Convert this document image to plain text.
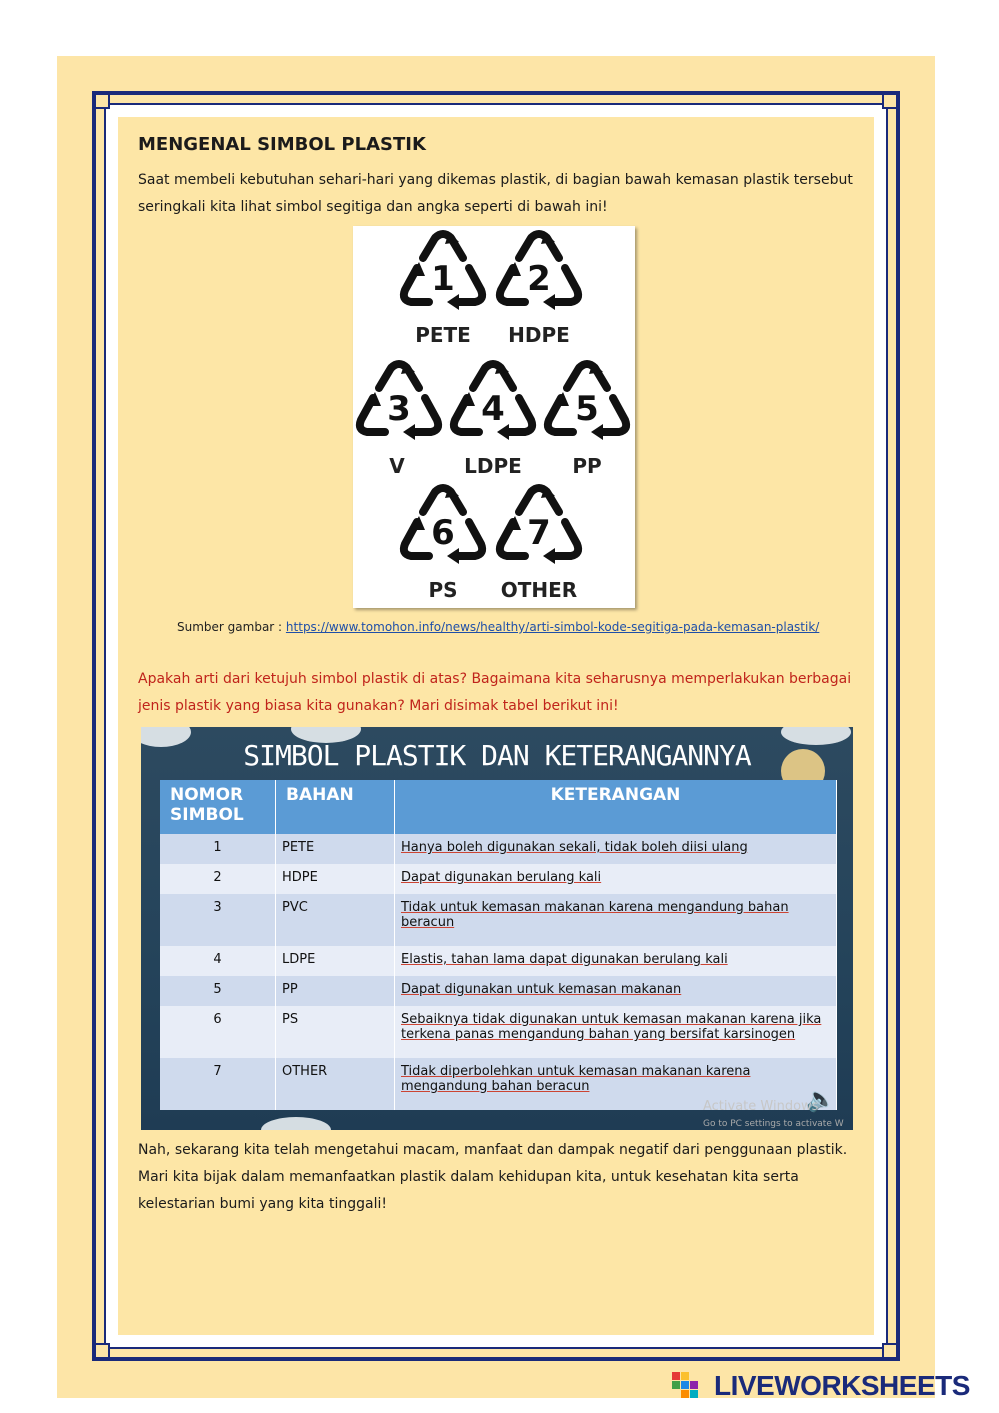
MENGENAL SIMBOL PLASTIK
Saat membeli kebutuhan sehari-hari yang dikemas plastik, di bagian bawah kemasan plastik tersebut seringkali kita lihat simbol segitiga dan angka seperti di bawah ini!
1
PETE
2
HDPE
3
V
4
LDPE
5
PP
6
PS
7
OTHER
Sumber gambar : https://www.tomohon.info/news/healthy/arti-simbol-kode-segitiga-pada-kemasan-plastik/
Apakah arti dari ketujuh simbol plastik di atas? Bagaimana kita seharusnya memperlakukan berbagai jenis plastik yang biasa kita gunakan? Mari disimak tabel berikut ini!
SIMBOL PLASTIK DAN KETERANGANNYA
NOMOR SIMBOL	BAHAN	KETERANGAN
1	PETE	Hanya boleh digunakan sekali, tidak boleh diisi ulang
2	HDPE	Dapat digunakan berulang kali
3	PVC	Tidak untuk kemasan makanan karena mengandung bahan beracun
4	LDPE	Elastis, tahan lama dapat digunakan berulang kali
5	PP	Dapat digunakan untuk kemasan makanan
6	PS	Sebaiknya tidak digunakan untuk kemasan makanan karena jika terkena panas mengandung bahan yang bersifat karsinogen
7	OTHER	Tidak diperbolehkan untuk kemasan makanan karena mengandung bahan beracun	🔈
Activate Windows
Go to PC settings to activate W
Nah, sekarang kita telah mengetahui macam, manfaat dan dampak negatif dari penggunaan plastik. Mari kita bijak dalam memanfaatkan plastik dalam kehidupan kita, untuk kesehatan kita serta kelestarian bumi yang kita tinggali!
LIVEWORKSHEETS
